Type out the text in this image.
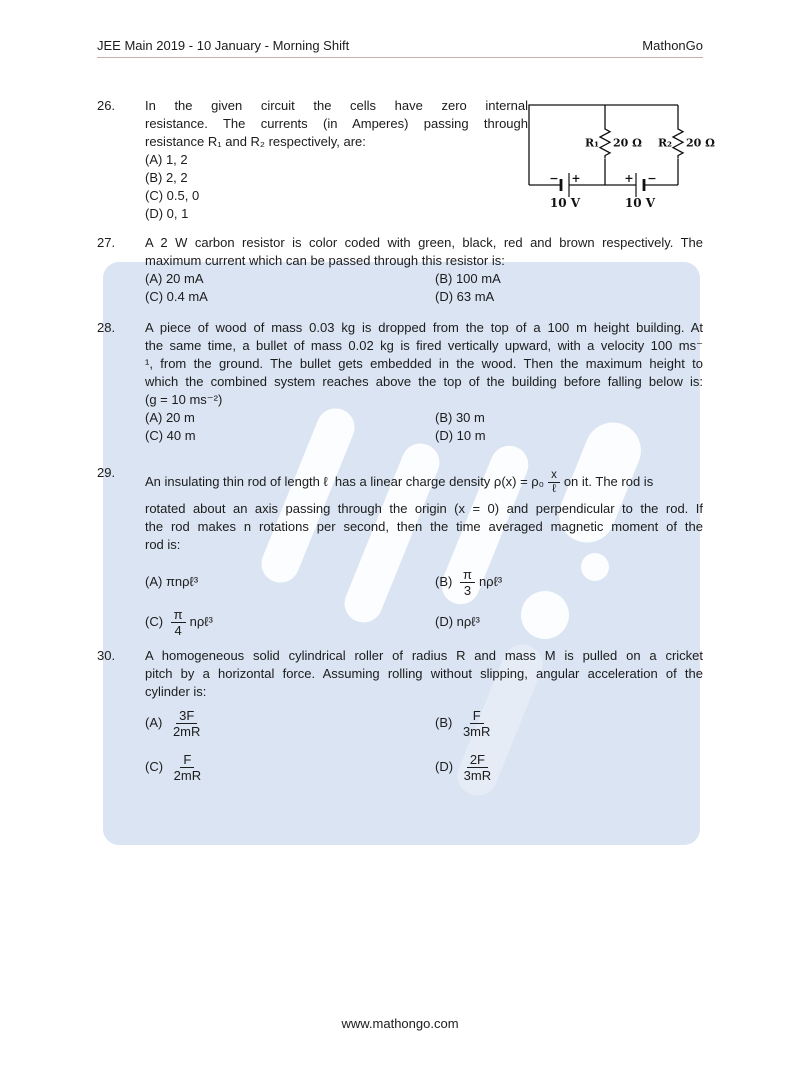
JEE Main 2019 - 10 January - Morning Shift	MathonGo
R₁ 20 Ω R₂ 20 Ω
− +	+ −
10 V	10 V
26.	In the given circuit the cells have zero internal
resistance. The currents (in Amperes) passing through
resistance R₁ and R₂ respectively, are:
(A) 1, 2
(B) 2, 2
(C) 0.5, 0
(D) 0, 1
27.	A 2 W carbon resistor is color coded with green, black, red and brown respectively. The
maximum current which can be passed through this resistor is:
(A) 20 mA	(B) 100 mA
(C) 0.4 mA	(D) 63 mA
28.	A piece of wood of mass 0.03 kg is dropped from the top of a 100 m height building. At
the same time, a bullet of mass 0.02 kg is fired vertically upward, with a velocity 100 ms⁻
¹, from the ground. The bullet gets embedded in the wood. Then the maximum height to
which the combined system reaches above the top of the building before falling below is:
(g = 10 ms⁻²)
(A) 20 m	(B) 30 m
(C) 40 m	(D) 10 m
29.
An insulating thin rod of length ℓ  has a linear charge density $\rho(x) = \rho_0 \frac{x}{\text{ℓ}}$ on it. The rod is
rotated about an axis passing through the origin (x = 0) and perpendicular to the rod. If
the rod makes n rotations per second, then the time averaged magnetic moment of the
rod is:
(A) πnρℓ³	$(B) \frac{\pi}{3}$ nρℓ³
$(C) \frac{\pi}{4}$ nρℓ³	(D) nρℓ³
30.	A homogeneous solid cylindrical roller of radius R and mass M is pulled on a cricket
pitch by a horizontal force. Assuming rolling without slipping, angular acceleration of the
cylinder is:
$(A) \frac{3F}{2mR}$	$(B) \frac{F}{3mR}$
$(C) \frac{F}{2mR}$	$(D) \frac{2F}{3mR}$
www.mathongo.com
